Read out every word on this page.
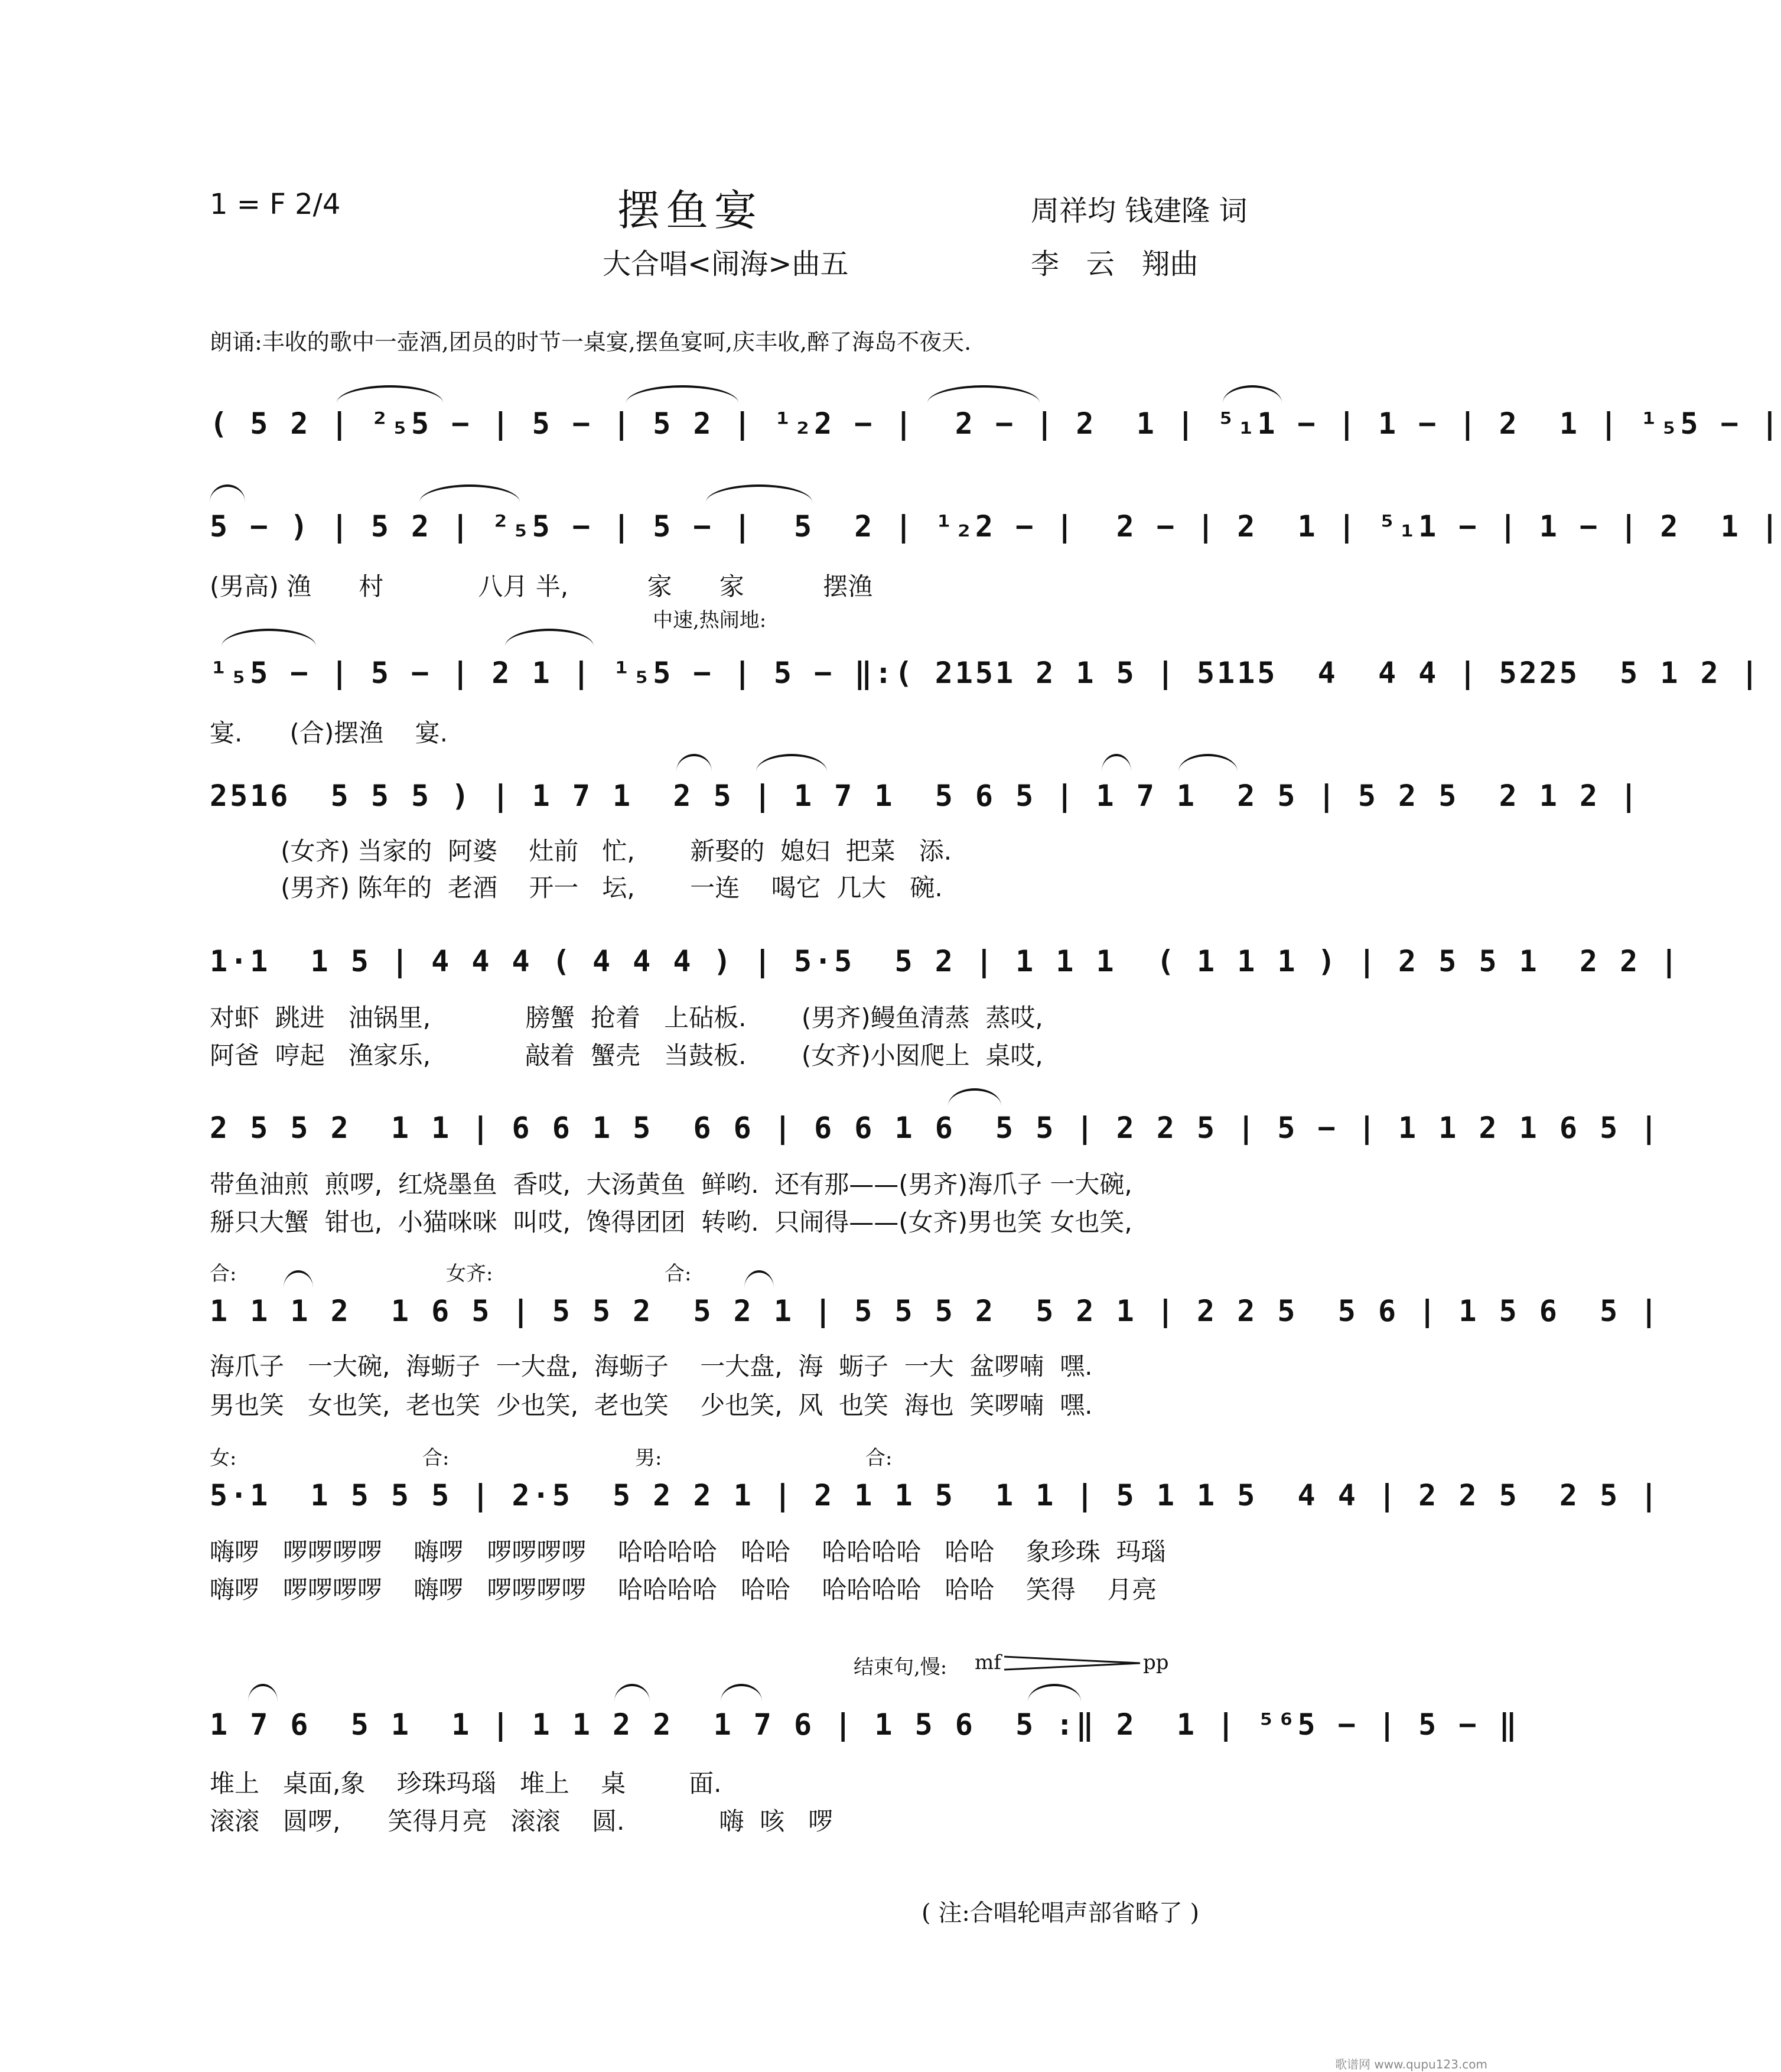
1 = F 2/4	摆鱼宴	周祥均 钱建隆 词
大合唱<闹海>曲五	李   云   翔曲
朗诵:丰收的歌中一壶酒,团员的时节一桌宴,摆鱼宴呵,庆丰收,醉了海岛不夜天.
( 5 2 | ²₅5 − | 5 − | 5 2 | ¹₂2 − |  2 − | 2  1 | ⁵₁1 − | 1 − | 2  1 | ¹₅5 − |
5 − ) | 5 2 | ²₅5 − | 5 − |  5  2 | ¹₂2 − |  2 − | 2  1 | ⁵₁1 − | 1 − | 2  1 |
(男高) 渔      村            八月 半,          家      家          摆渔
中速,热闹地:
¹₅5 − | 5 − | 2 1 | ¹₅5 − | 5 − ‖:( 2151 2 1 5 | 5115  4  4 4 | 5225  5 1 2 |
宴.      (合)摆渔    宴.
2516  5 5 5 ) | 1 7 1  2 5 | 1 7 1  5 6 5 | 1 7 1  2 5 | 5 2 5  2 1 2 |
(女齐) 当家的  阿婆    灶前   忙,       新娶的  媳妇  把菜   添.
(男齐) 陈年的  老酒    开一   坛,       一连    喝它  几大   碗.
1·1  1 5 | 4 4 4 ( 4 4 4 ) | 5·5  5 2 | 1 1 1  ( 1 1 1 ) | 2 5 5 1  2 2 |
对虾  跳进   油锅里,            膀蟹  抢着   上砧板.       (男齐)鳗鱼清蒸  蒸哎,
阿爸  哼起   渔家乐,            敲着  蟹壳   当鼓板.       (女齐)小囡爬上  桌哎,
2 5 5 2  1 1 | 6 6 1 5  6 6 | 6 6 1 6  5 5 | 2 2 5 | 5 − | 1 1 2 1 6 5 |
带鱼油煎  煎啰,  红烧墨鱼  香哎,  大汤黄鱼  鲜哟.  还有那——(男齐)海爪子 一大碗,
掰只大蟹  钳也,  小猫咪咪  叫哎,  馋得团团  转哟.  只闹得——(女齐)男也笑 女也笑,
合:	女齐:	合:
1 1 1 2  1 6 5 | 5 5 2  5 2 1 | 5 5 5 2  5 2 1 | 2 2 5  5 6 | 1 5 6  5 |
海爪子   一大碗,  海蛎子  一大盘,  海蛎子    一大盘,  海  蛎子  一大  盆啰喃  嘿.
男也笑   女也笑,  老也笑  少也笑,  老也笑    少也笑,  风  也笑  海也  笑啰喃  嘿.
女:	合:	男:	合:
5·1  1 5 5 5 | 2·5  5 2 2 1 | 2 1 1 5  1 1 | 5 1 1 5  4 4 | 2 2 5  2 5 |
嗨啰   啰啰啰啰    嗨啰   啰啰啰啰    哈哈哈哈   哈哈    哈哈哈哈   哈哈    象珍珠  玛瑙
嗨啰   啰啰啰啰    嗨啰   啰啰啰啰    哈哈哈哈   哈哈    哈哈哈哈   哈哈    笑得    月亮
结束句,慢: mf	pp
1 7 6  5 1  1 | 1 1 2 2  1 7 6 | 1 5 6  5 :‖ 2  1 | ⁵⁶5 − | 5 − ‖
堆上   桌面,象    珍珠玛瑙   堆上    桌        面.
滚滚   圆啰,      笑得月亮   滚滚    圆.            嗨  咳   啰
( 注:合唱轮唱声部省略了 )
歌谱网 www.qupu123.com
